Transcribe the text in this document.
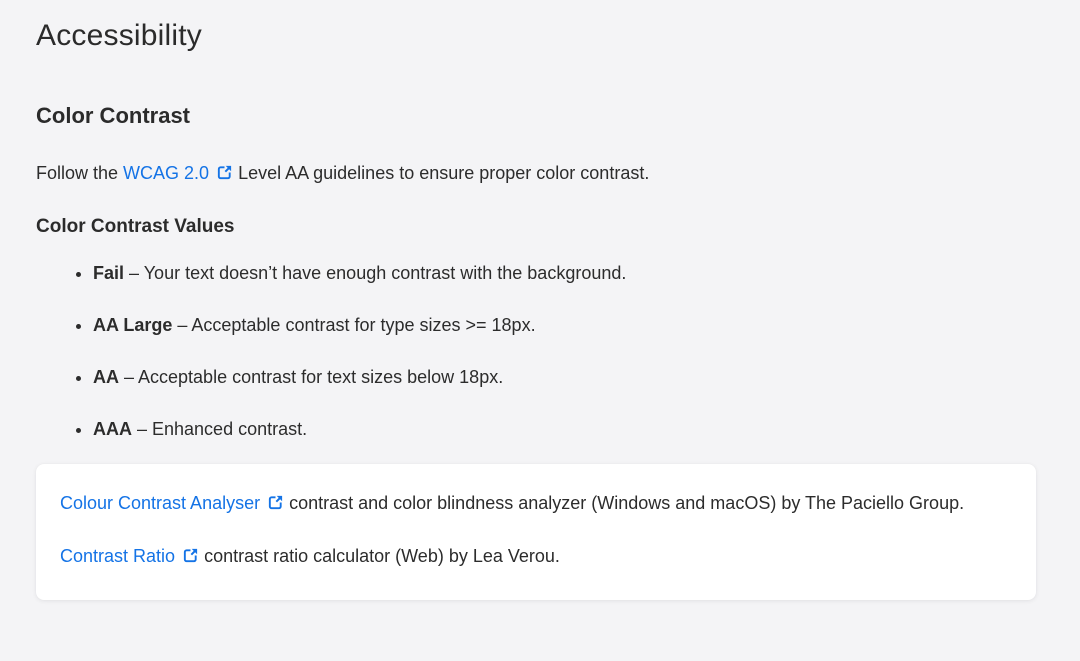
Accessibility
Color Contrast

Follow the WCAG 2.0 Level AA guidelines to ensure proper color contrast.

Color Contrast Values
• Fail – Your text doesn’t have enough contrast with the background.
• AA Large – Acceptable contrast for type sizes >= 18px.
• AA – Acceptable contrast for text sizes below 18px.
• AAA – Enhanced contrast.

Colour Contrast Analyser contrast and color blindness analyzer (Windows and macOS) by The Paciello Group.

Contrast Ratio contrast ratio calculator (Web) by Lea Verou.
